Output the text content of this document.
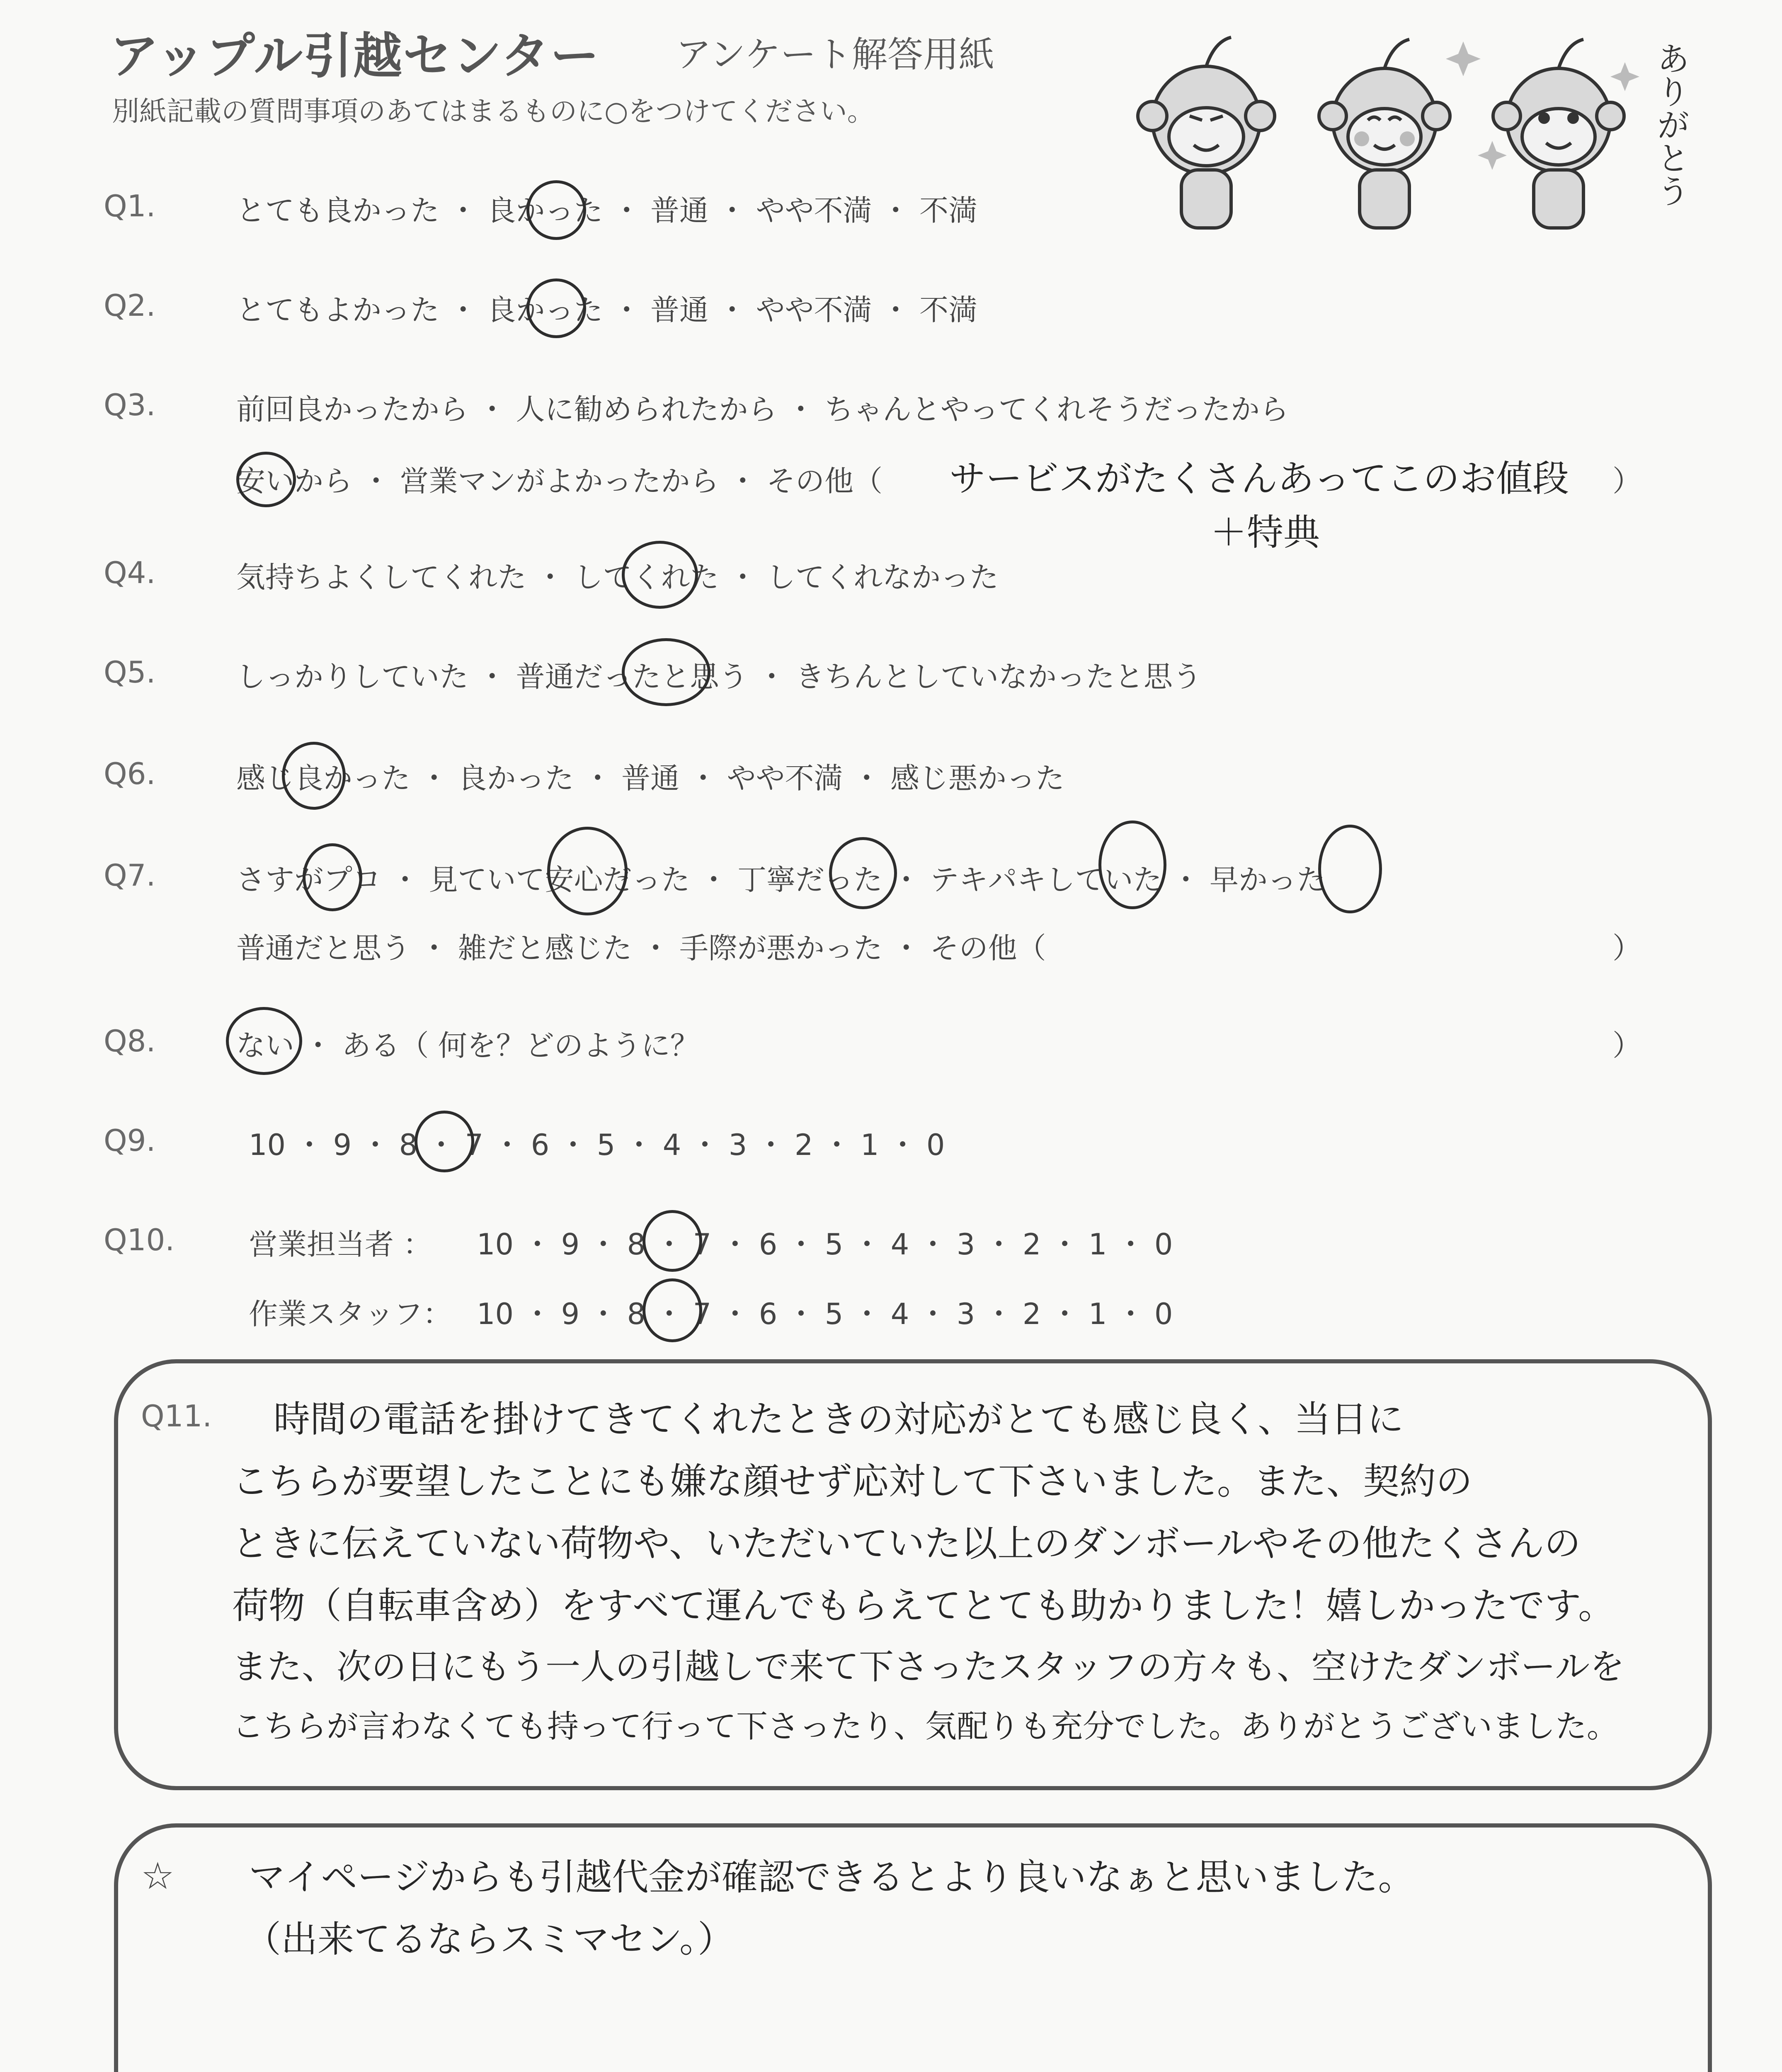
アップル引越センター アンケート解答用紙
別紙記載の質問事項のあてはまるものに○をつけてください。	ありがとう
Q1.	とても良かった ・ 良かった ・ 普通 ・ やや不満 ・ 不満
Q2.	とてもよかった ・ 良かった ・ 普通 ・ やや不満 ・ 不満
Q3.	前回良かったから ・ 人に勧められたから ・ ちゃんとやってくれそうだったから
安いから ・ 営業マンがよかったから ・ その他（ サービスがたくさんあってこのお値段 ）
＋特典
Q4.	気持ちよくしてくれた ・ してくれた ・ してくれなかった
Q5.	しっかりしていた ・ 普通だったと思う ・ きちんとしていなかったと思う
Q6.	感じ良かった ・ 良かった ・ 普通 ・ やや不満 ・ 感じ悪かった
Q7.	さすがプロ ・ 見ていて安心だった ・ 丁寧だった ・ テキパキしていた ・ 早かった
普通だと思う ・ 雑だと感じた ・ 手際が悪かった ・ その他（	）
Q8.	ない ・ ある（ 何を？どのように？	）
Q9.	10 ・ 9 ・ 8 ・ 7 ・ 6 ・ 5 ・ 4 ・ 3 ・ 2 ・ 1 ・ 0
Q10.	営業担当者 ： 10 ・ 9 ・ 8 ・ 7 ・ 6 ・ 5 ・ 4 ・ 3 ・ 2 ・ 1 ・ 0
作業スタッフ： 10 ・ 9 ・ 8 ・ 7 ・ 6 ・ 5 ・ 4 ・ 3 ・ 2 ・ 1 ・ 0
Q11. 時間の電話を掛けてきてくれたときの対応がとても感じ良く、当日に
こちらが要望したことにも嫌な顔せず応対して下さいました。また、契約の
ときに伝えていない荷物や、いただいていた以上のダンボールやその他たくさんの
荷物（自転車含め）をすべて運んでもらえてとても助かりました！嬉しかったです。
また、次の日にもう一人の引越しで来て下さったスタッフの方々も、空けたダンボールを
こちらが言わなくても持って行って下さったり、気配りも充分でした。ありがとうございました。
☆ マイページからも引越代金が確認できるとより良いなぁと思いました。
（出来てるならスミマセン。）
